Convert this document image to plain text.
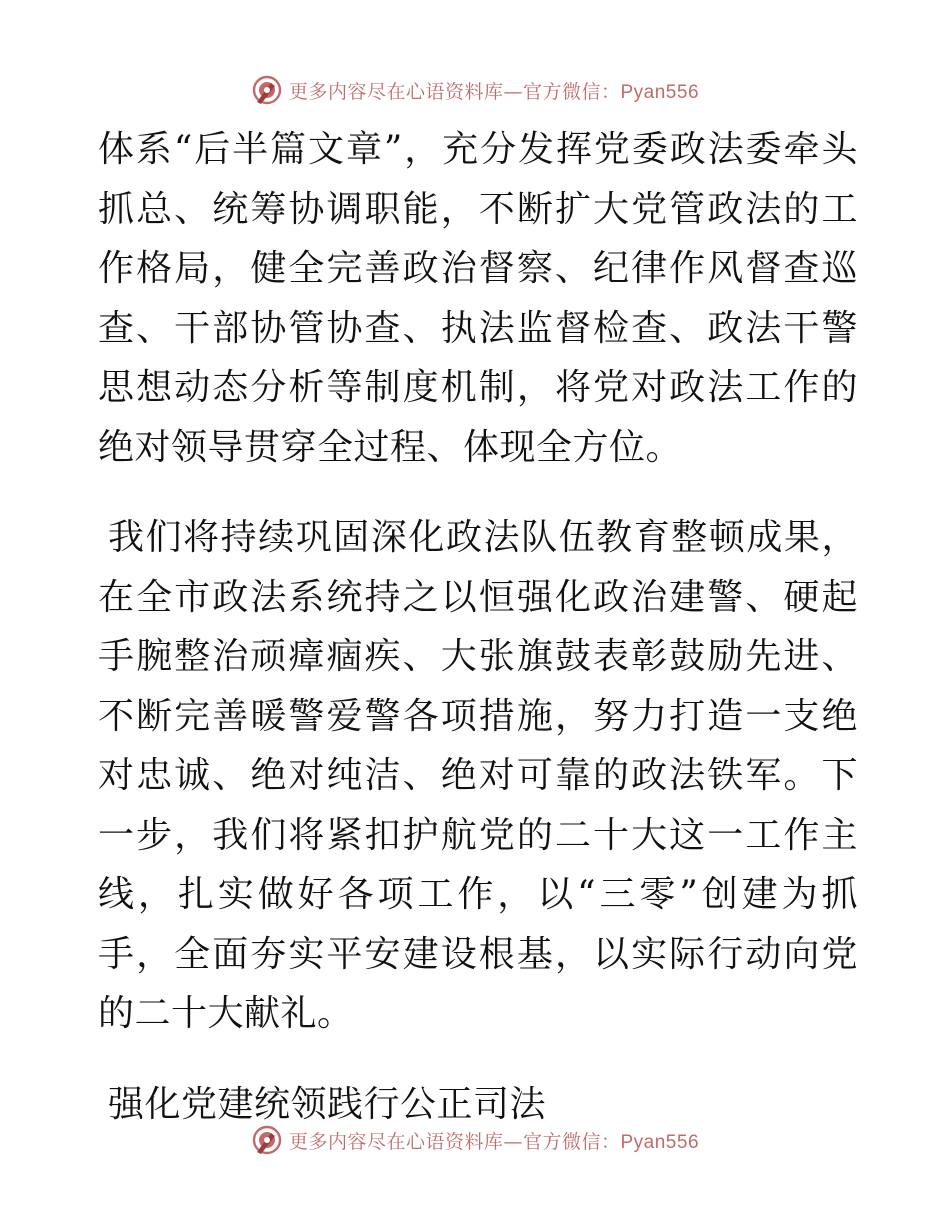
更多内容尽在心语资料库—官方微信：Pyan556

体系“后半篇文章”，充分发挥党委政法委牵头抓总、统筹协调职能，不断扩大党管政法的工作格局，健全完善政治督察、纪律作风督查巡查、干部协管协查、执法监督检查、政法干警思想动态分析等制度机制，将党对政法工作的绝对领导贯穿全过程、体现全方位。

我们将持续巩固深化政法队伍教育整顿成果，在全市政法系统持之以恒强化政治建警、硬起手腕整治顽瘴痼疾、大张旗鼓表彰鼓励先进、不断完善暖警爱警各项措施，努力打造一支绝对忠诚、绝对纯洁、绝对可靠的政法铁军。下一步，我们将紧扣护航党的二十大这一工作主线，扎实做好各项工作，以“三零”创建为抓手，全面夯实平安建设根基，以实际行动向党的二十大献礼。

强化党建统领践行公正司法

更多内容尽在心语资料库—官方微信：Pyan556
